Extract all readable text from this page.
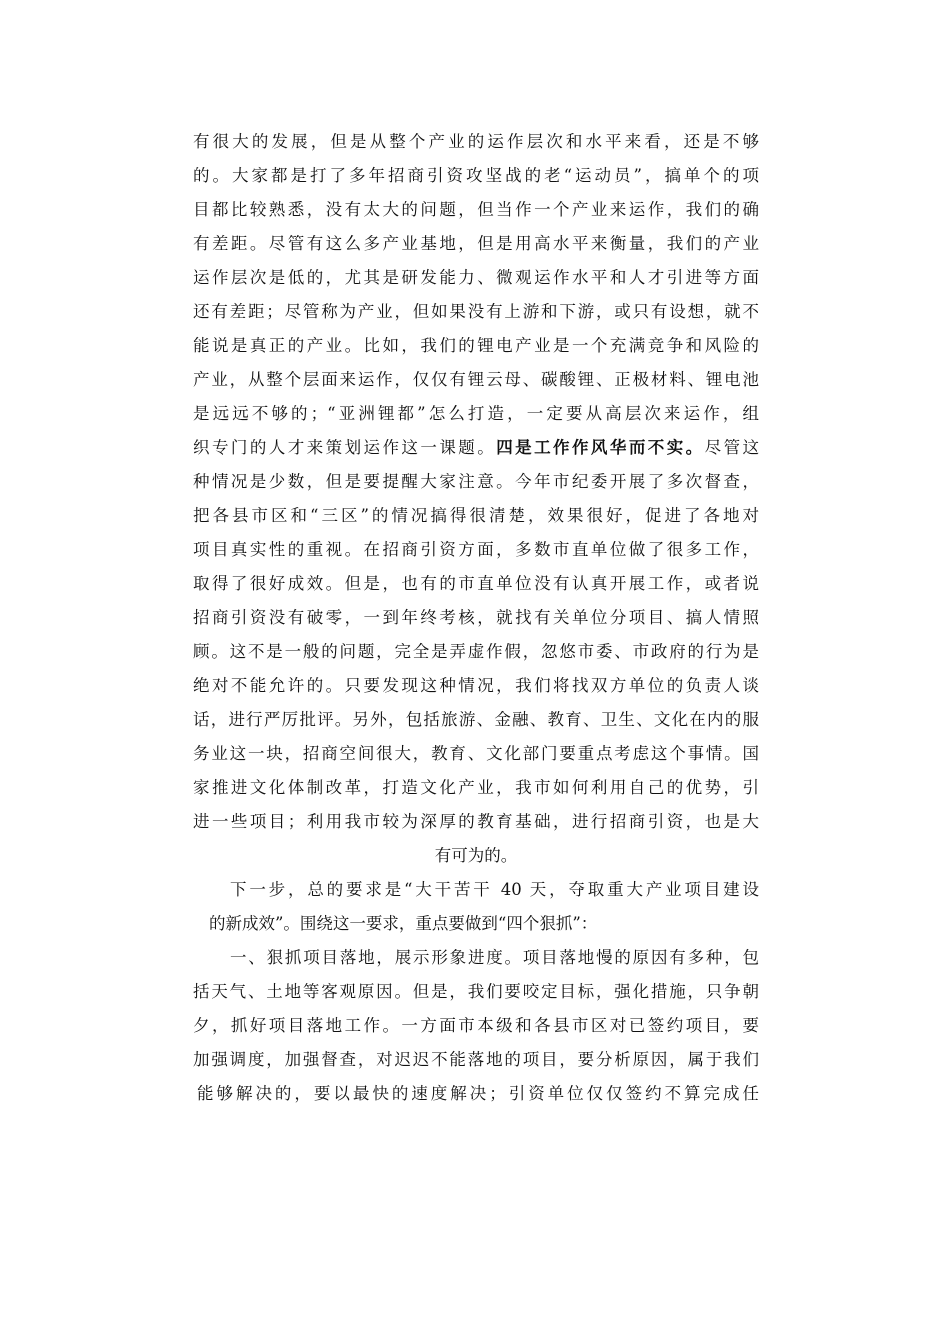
有很大的发展，但是从整个产业的运作层次和水平来看，还是不够
的。大家都是打了多年招商引资攻坚战的老“运动员”，搞单个的项
目都比较熟悉，没有太大的问题，但当作一个产业来运作，我们的确
有差距。尽管有这么多产业基地，但是用高水平来衡量，我们的产业
运作层次是低的，尤其是研发能力、微观运作水平和人才引进等方面
还有差距；尽管称为产业，但如果没有上游和下游，或只有设想，就不
能说是真正的产业。比如，我们的锂电产业是一个充满竞争和风险的
产业，从整个层面来运作，仅仅有锂云母、碳酸锂、正极材料、锂电池
是远远不够的；“亚洲锂都”怎么打造，一定要从高层次来运作，组
织专门的人才来策划运作这一课题。四是工作作风华而不实。尽管这
种情况是少数，但是要提醒大家注意。今年市纪委开展了多次督查，
把各县市区和“三区”的情况搞得很清楚，效果很好，促进了各地对
项目真实性的重视。在招商引资方面，多数市直单位做了很多工作，
取得了很好成效。但是，也有的市直单位没有认真开展工作，或者说
招商引资没有破零，一到年终考核，就找有关单位分项目、搞人情照
顾。这不是一般的问题，完全是弄虚作假，忽悠市委、市政府的行为是
绝对不能允许的。只要发现这种情况，我们将找双方单位的负责人谈
话，进行严厉批评。另外，包括旅游、金融、教育、卫生、文化在内的服
务业这一块，招商空间很大，教育、文化部门要重点考虑这个事情。国
家推进文化体制改革，打造文化产业，我市如何利用自己的优势，引
进一些项目；利用我市较为深厚的教育基础，进行招商引资，也是大
有可为的。
下一步，总的要求是“大干苦干 40 天，夺取重大产业项目建设
的新成效”。围绕这一要求，重点要做到“四个狠抓”：
一、狠抓项目落地，展示形象进度。项目落地慢的原因有多种，包
括天气、土地等客观原因。但是，我们要咬定目标，强化措施，只争朝
夕，抓好项目落地工作。一方面市本级和各县市区对已签约项目，要
加强调度，加强督查，对迟迟不能落地的项目，要分析原因，属于我们
能够解决的，要以最快的速度解决；引资单位仅仅签约不算完成任
